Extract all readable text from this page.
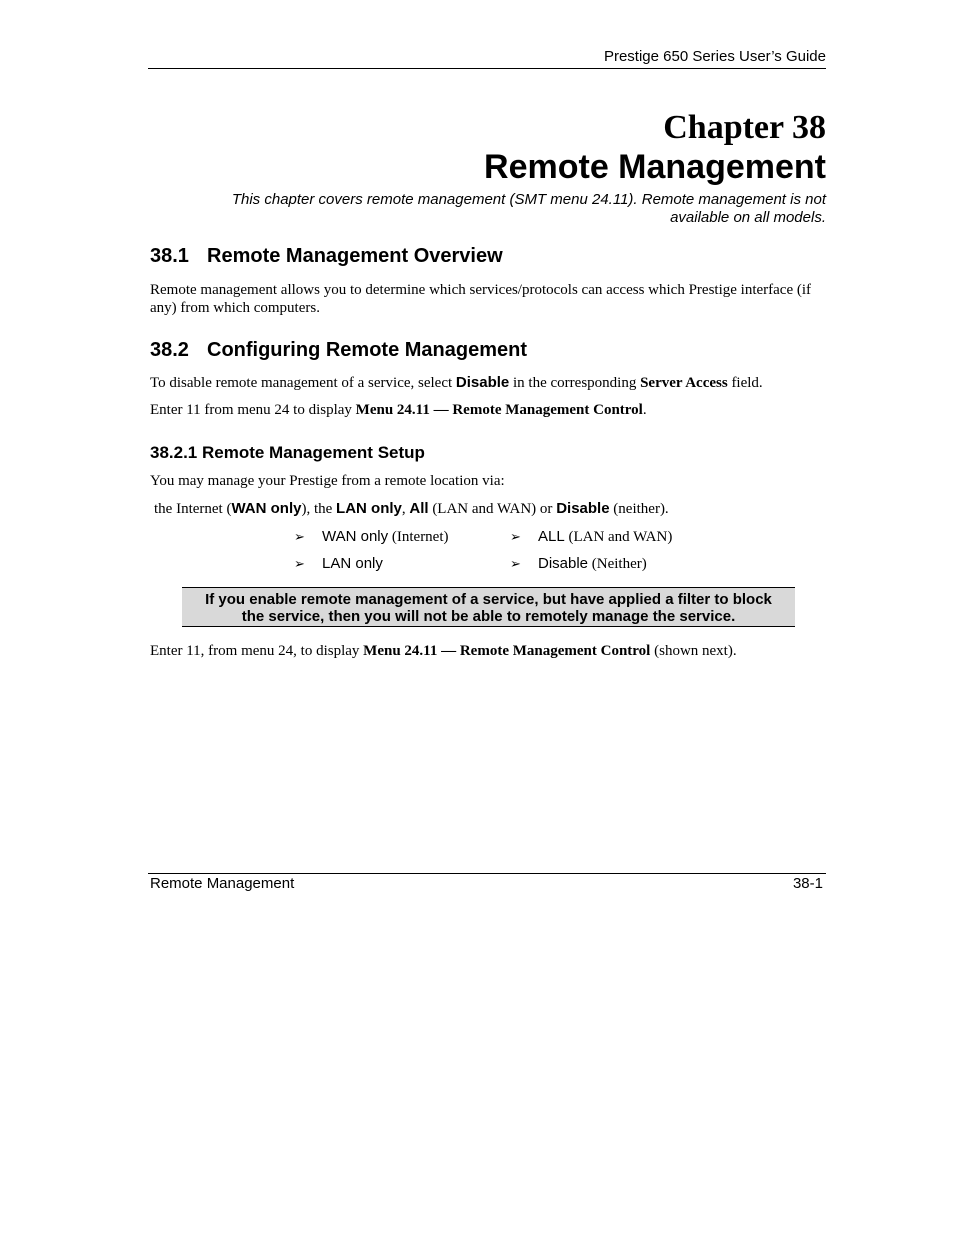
Prestige 650 Series User’s Guide
Chapter 38
Remote Management
This chapter covers remote management (SMT menu 24.11). Remote management is not
available on all models.
38.1 Remote Management Overview
Remote management allows you to determine which services/protocols can access which Prestige interface (if any) from which computers.
38.2 Configuring Remote Management
To disable remote management of a service, select Disable in the corresponding Server Access field.
Enter 11 from menu 24 to display Menu 24.11 — Remote Management Control.
38.2.1 Remote Management Setup
You may manage your Prestige from a remote location via:
the Internet (WAN only), the LAN only, All (LAN and WAN) or Disable (neither).
➢ WAN only (Internet)	➢ ALL (LAN and WAN)
➢ LAN only	➢ Disable (Neither)
If you enable remote management of a service, but have applied a filter to block
the service, then you will not be able to remotely manage the service.
Enter 11, from menu 24, to display Menu 24.11 — Remote Management Control (shown next).
Remote Management	38-1
